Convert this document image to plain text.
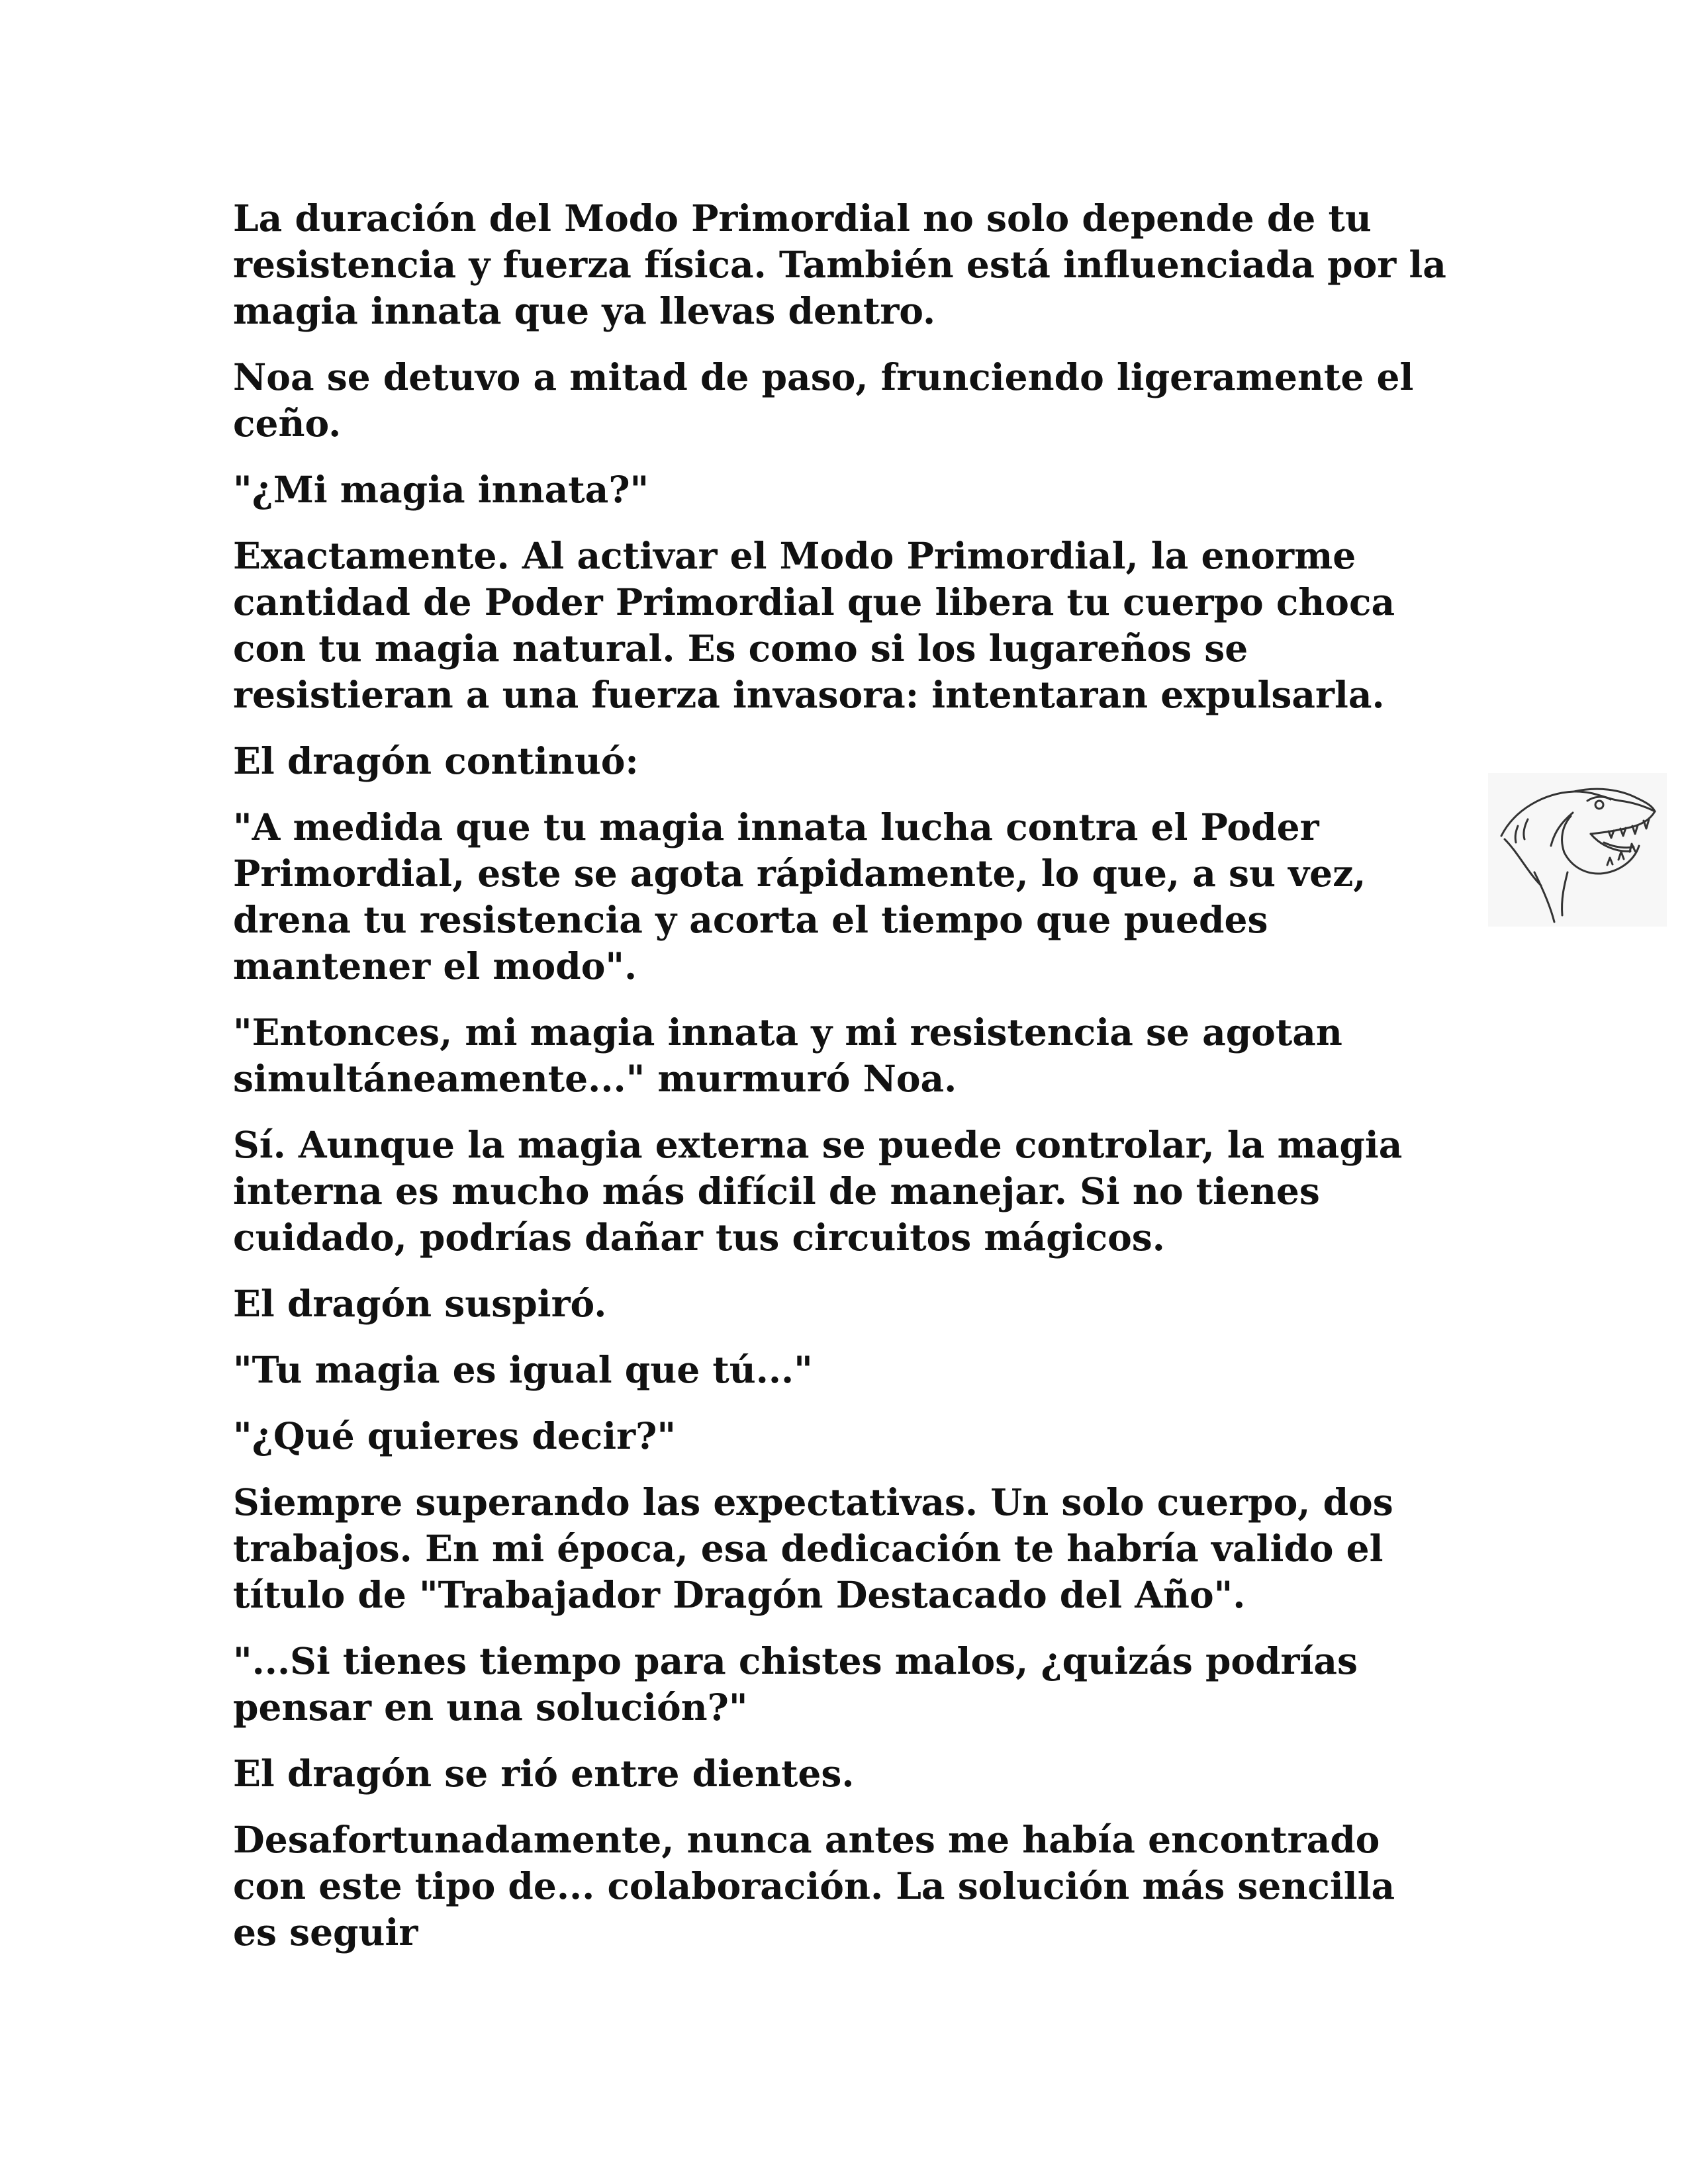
La duración del Modo Primordial no solo depende de tu resistencia y fuerza física. También está influenciada por la magia innata que ya llevas dentro.

Noa se detuvo a mitad de paso, frunciendo ligeramente el ceño.

"¿Mi magia innata?"

Exactamente. Al activar el Modo Primordial, la enorme cantidad de Poder Primordial que libera tu cuerpo choca con tu magia natural. Es como si los lugareños se resistieran a una fuerza invasora: intentaran expulsarla.

El dragón continuó:

"A medida que tu magia innata lucha contra el Poder Primordial, este se agota rápidamente, lo que, a su vez, drena tu resistencia y acorta el tiempo que puedes mantener el modo".

"Entonces, mi magia innata y mi resistencia se agotan simultáneamente..." murmuró Noa.

Sí. Aunque la magia externa se puede controlar, la magia interna es mucho más difícil de manejar. Si no tienes cuidado, podrías dañar tus circuitos mágicos.

El dragón suspiró.

"Tu magia es igual que tú..."

"¿Qué quieres decir?"

Siempre superando las expectativas. Un solo cuerpo, dos trabajos. En mi época, esa dedicación te habría valido el título de "Trabajador Dragón Destacado del Año".

"...Si tienes tiempo para chistes malos, ¿quizás podrías pensar en una solución?"

El dragón se rió entre dientes.

Desafortunadamente, nunca antes me había encontrado con este tipo de... colaboración. La solución más sencilla es seguir
